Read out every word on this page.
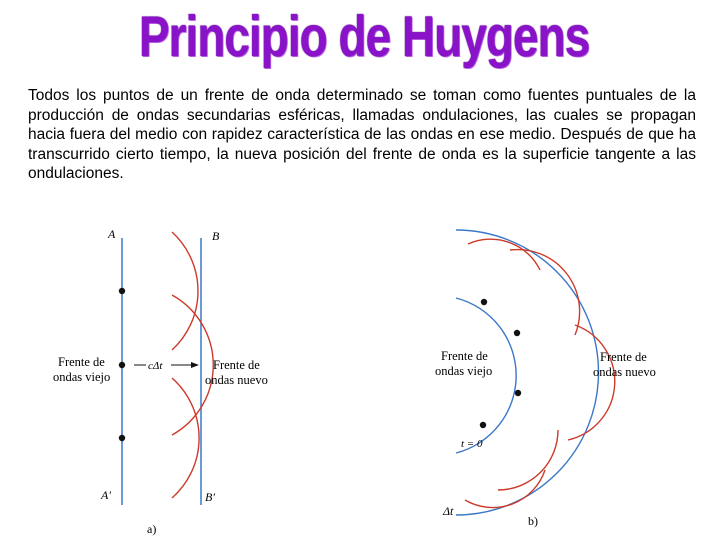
Principio de Huygens
Todos los puntos de un frente de onda determinado se toman como fuentes puntuales de la producción de ondas secundarias esféricas, llamadas ondulaciones, las cuales se propagan hacia fuera del medio con rapidez característica de las ondas en ese medio. Después de que ha transcurrido cierto tiempo, la nueva posición del frente de onda es la superficie tangente a las ondulaciones.
A	B
A′	B′
Frente de
ondas viejo
Frente de
ondas nuevo
cΔt
a)
Frente de
ondas viejo
Frente de
ondas nuevo
t = 0
Δt
b)
